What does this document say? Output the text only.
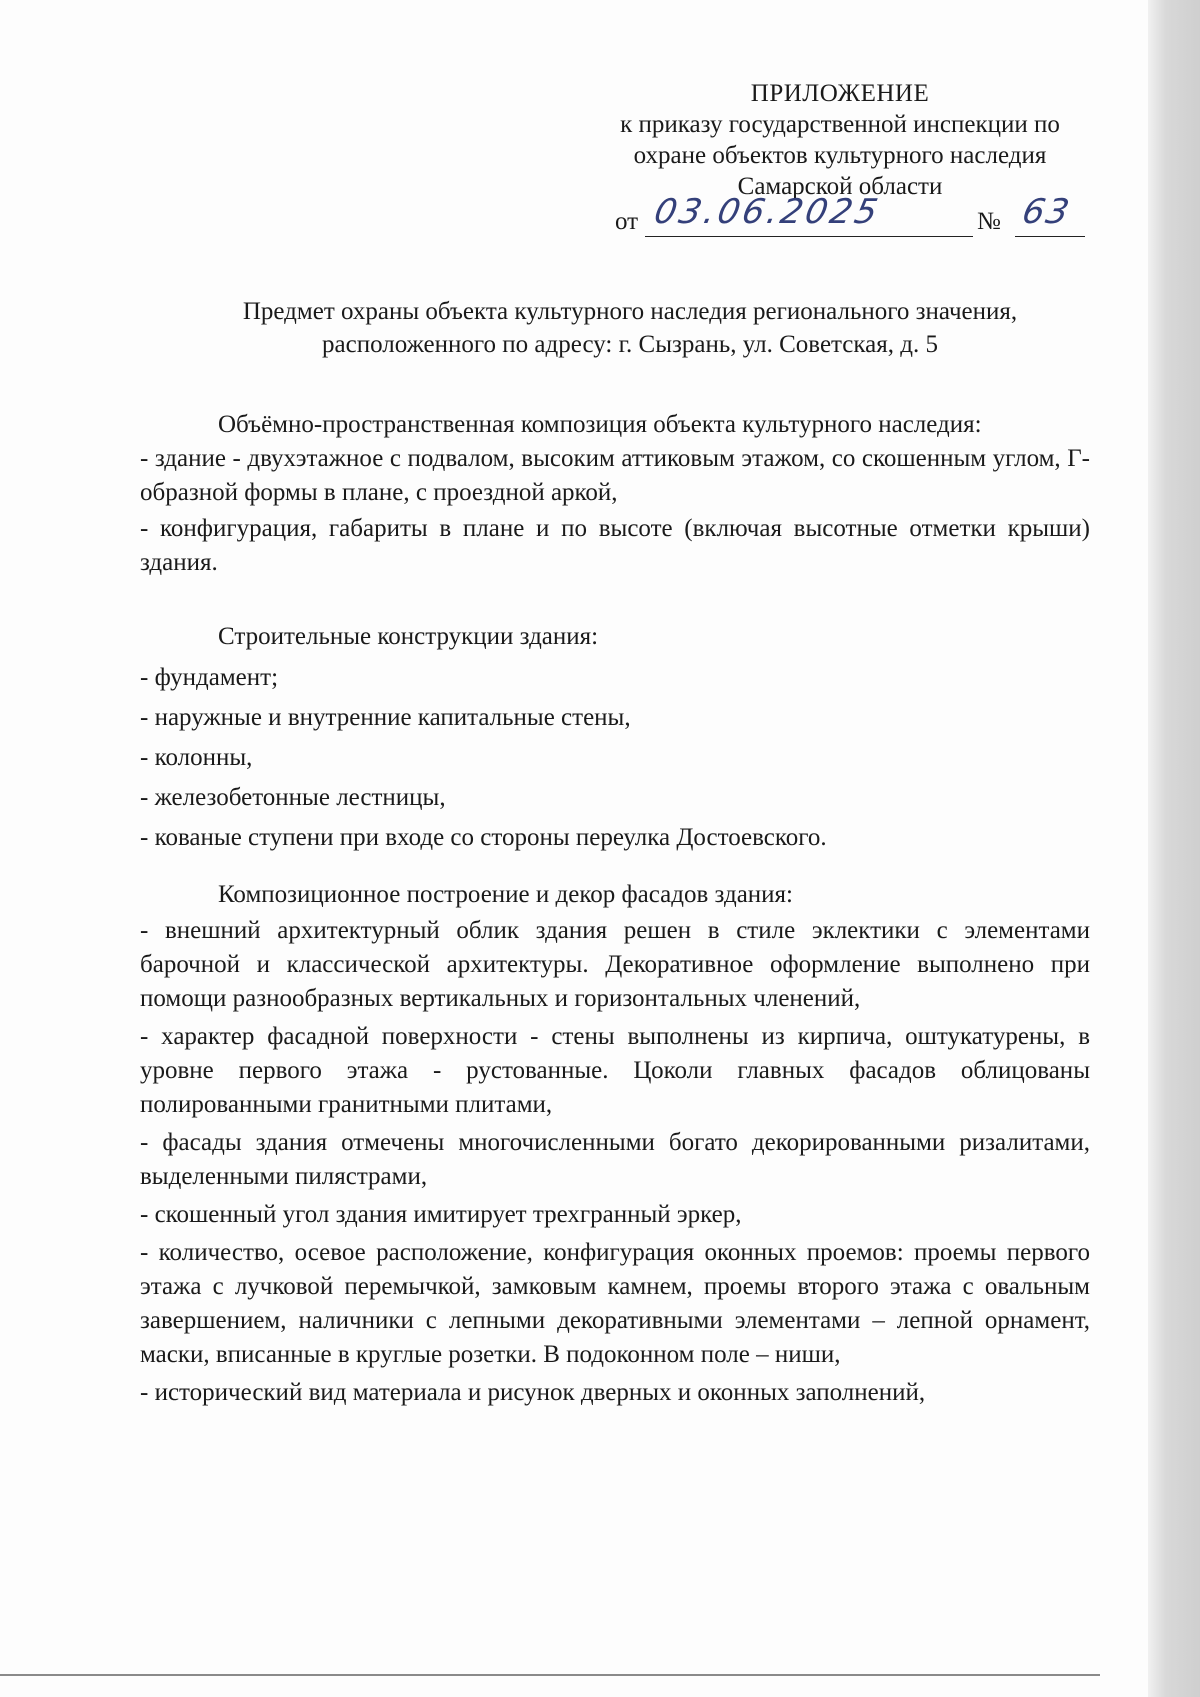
ПРИЛОЖЕНИЕ
к приказу государственной инспекции по
охране объектов культурного наследия
Самарской области
от 03.06.2025	№ 63
Предмет охраны объекта культурного наследия регионального значения,
расположенного по адресу: г. Сызрань, ул. Советская, д. 5

Объёмно-пространственная композиция объекта культурного наследия:

- здание - двухэтажное с подвалом, высоким аттиковым этажом, со скошенным углом, Г-образной формы в плане, с проездной аркой,

- конфигурация, габариты в плане и по высоте (включая высотные отметки крыши) здания.

Строительные конструкции здания:

- фундамент;

- наружные и внутренние капитальные стены,

- колонны,

- железобетонные лестницы,

- кованые ступени при входе со стороны переулка Достоевского.

Композиционное построение и декор фасадов здания:

- внешний архитектурный облик здания решен в стиле эклектики с элементами барочной и классической архитектуры. Декоративное оформление выполнено при помощи разнообразных вертикальных и горизонтальных членений,

- характер фасадной поверхности - стены выполнены из кирпича, оштукатурены, в уровне первого этажа - рустованные. Цоколи главных фасадов облицованы полированными гранитными плитами,

- фасады здания отмечены многочисленными богато декорированными ризалитами, выделенными пилястрами,

- скошенный угол здания имитирует трехгранный эркер,

- количество, осевое расположение, конфигурация оконных проемов: проемы первого этажа с лучковой перемычкой, замковым камнем, проемы второго этажа с овальным завершением, наличники с лепными декоративными элементами – лепной орнамент, маски, вписанные в круглые розетки. В подоконном поле – ниши,

- исторический вид материала и рисунок дверных и оконных заполнений,
